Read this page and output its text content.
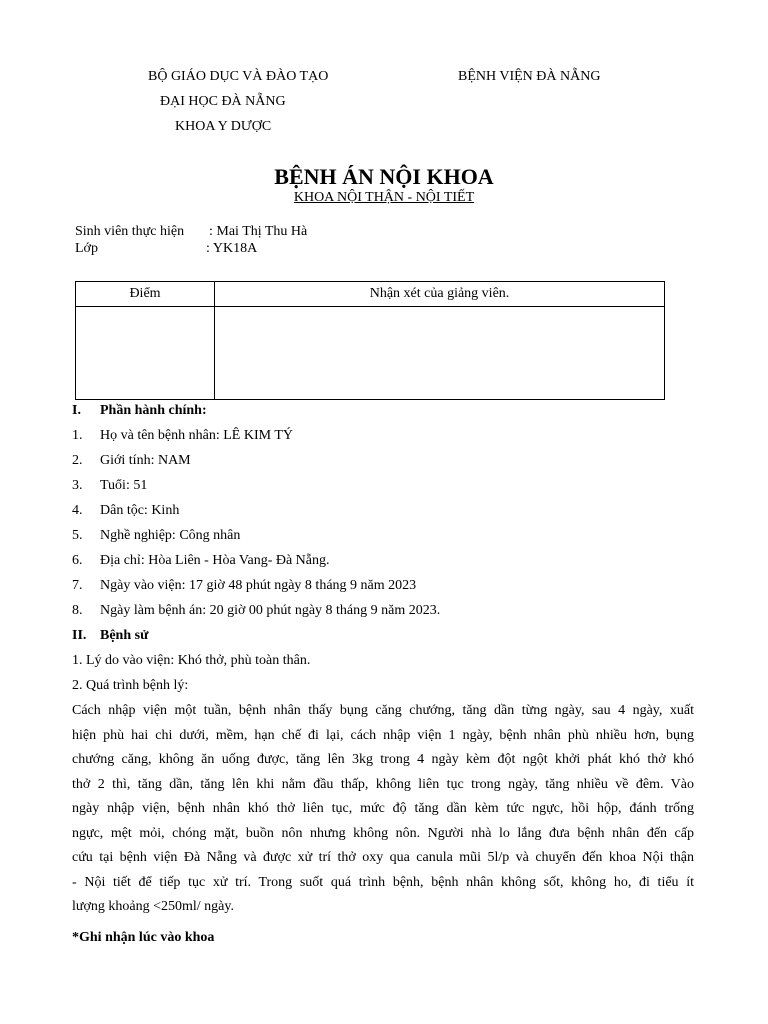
BỘ GIÁO DỤC VÀ ĐÀO TẠO	BỆNH VIỆN ĐÀ NẴNG
ĐẠI HỌC ĐÀ NẴNG
KHOA Y DƯỢC
BỆNH ÁN NỘI KHOA
KHOA NỘI THẬN - NỘI TIẾT
Sinh viên thực hiện : Mai Thị Thu Hà
Lớp	: YK18A
Điểm	Nhận xét của giảng viên.

I. Phần hành chính:
1. Họ và tên bệnh nhân: LÊ KIM TÝ
2. Giới tính: NAM
3. Tuổi: 51
4. Dân tộc: Kinh
5. Nghề nghiệp: Công nhân
6. Địa chỉ: Hòa Liên - Hòa Vang- Đà Nẵng.
7. Ngày vào viện: 17 giờ 48 phút ngày 8 tháng 9 năm 2023
8. Ngày làm bệnh án: 20 giờ 00 phút ngày 8 tháng 9 năm 2023.
II. Bệnh sử
1. Lý do vào viện: Khó thở, phù toàn thân.
2. Quá trình bệnh lý:
Cách nhập viện một tuần, bệnh nhân thấy bụng căng chướng, tăng dần từng ngày, sau 4 ngày, xuất
hiện phù hai chi dưới, mềm, hạn chế đi lại, cách nhập viện 1 ngày, bệnh nhân phù nhiều hơn, bụng
chướng căng, không ăn uống được, tăng lên 3kg trong 4 ngày kèm đột ngột khởi phát khó thở khó
thở 2 thì, tăng dần, tăng lên khi nằm đầu thấp, không liên tục trong ngày, tăng nhiều về đêm. Vào
ngày nhập viện, bệnh nhân khó thở liên tục, mức độ tăng dần kèm tức ngực, hồi hộp, đánh trống
ngực, mệt mỏi, chóng mặt, buồn nôn nhưng không nôn. Người nhà lo lắng đưa bệnh nhân đến cấp
cứu tại bệnh viện Đà Nẵng và được xử trí thở oxy qua canula mũi 5l/p và chuyển đến khoa Nội thận
- Nội tiết để tiếp tục xử trí. Trong suốt quá trình bệnh, bệnh nhân không sốt, không ho, đi tiểu ít
lượng khoảng <250ml/ ngày.
*Ghi nhận lúc vào khoa
